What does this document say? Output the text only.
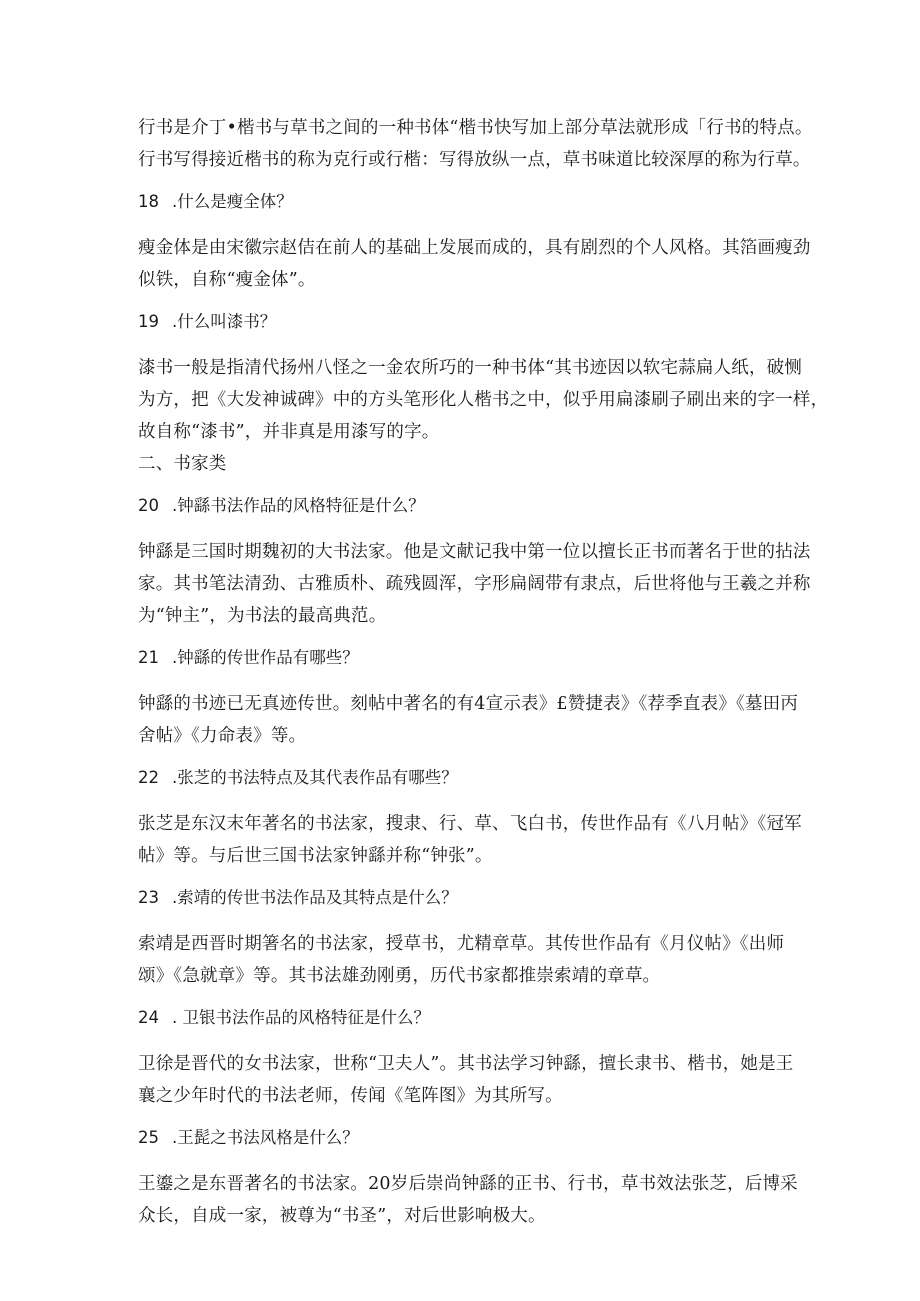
行书是介丁•楷书与草书之间的一种书体“楷书快写加上部分草法就形成「行书的特点。

行书写得接近楷书的称为克行或行楷：写得放纵一点，草书味道比较深厚的称为行草。

18 .什么是瘦全体？

瘦金体是由宋徽宗赵佶在前人的基础上发展而成的，具有剧烈的个人风格。其箔画瘦劲

似铁，自称“瘦金体”。

19 .什么叫漆书？

漆书一般是指清代扬州八怪之一金农所巧的一种书体“其书迹因以软宅蒜扁人纸，破恻

为方，把《大发神诚碑》中的方头笔形化人楷书之中，似乎用扁漆刷子刷出来的字一样，

故自称“漆书”，并非真是用漆写的字。

二、书家类

20 .钟繇书法作品的风格特征是什么？

钟繇是三国时期魏初的大书法家。他是文献记我中第一位以擅长正书而著名于世的拈法

家。其书笔法清劲、古雅质朴、疏残圆浑，字形扁阔带有隶点，后世将他与王羲之并称

为“钟主”，为书法的最高典范。

21 .钟繇的传世作品有哪些？

钟繇的书迹已无真迹传世。刻帖中著名的有4宣示表》£赞捷表》《荐季直表》《墓田丙

舍帖》《力命表》等。

22 .张芝的书法特点及其代表作品有哪些？

张芝是东汉末年著名的书法家，搜隶、行、草、飞白书，传世作品有《八月帖》《冠军

帖》等。与后世三国书法家钟繇并称“钟张”。

23 .索靖的传世书法作品及其特点是什么？

索靖是西晋时期箸名的书法家，授草书，尤精章草。其传世作品有《月仪帖》《出师

颂》《急就章》等。其书法雄劲刚勇，历代书家都推崇索靖的章草。

24 . 卫银书法作品的风格特征是什么？

卫徐是晋代的女书法家，世称“卫夫人”。其书法学习钟繇，擅长隶书、楷书，她是王

襄之少年时代的书法老师，传闻《笔阵图》为其所写。

25 .王髭之书法风格是什么？

王鎏之是东晋著名的书法家。20岁后崇尚钟繇的正书、行书，草书效法张芝，后博采

众长，自成一家，被尊为“书圣”，对后世影响极大。
